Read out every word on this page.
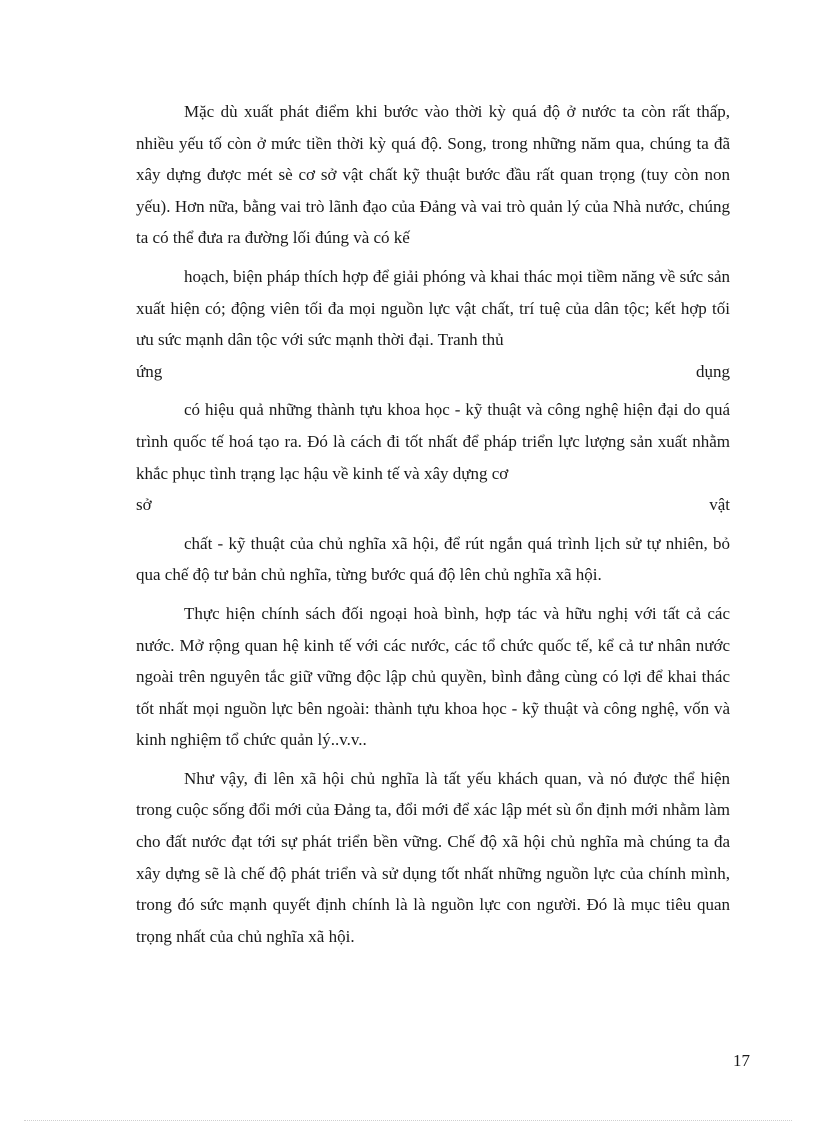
Mặc dù xuất phát điểm khi bước vào thời kỳ quá độ ở nước ta còn rất thấp, nhiều yếu tố còn ở mức tiền thời kỳ quá độ. Song, trong những năm qua, chúng ta đã xây dựng được mét sè cơ sở vật chất kỹ thuật bước đầu rất quan trọng (tuy còn non yếu). Hơn nữa, bằng vai trò lãnh đạo của Đảng và vai trò quản lý của Nhà nước, chúng ta có thể đưa ra đường lối đúng và có kế

hoạch, biện pháp thích hợp để giải phóng và khai thác mọi tiềm năng về sức sản xuất hiện có; động viên tối đa mọi nguồn lực vật chất, trí tuệ của dân tộc; kết hợp tối ưu sức mạnh dân tộc với sức mạnh thời đại. Tranh thủ

ứng	dụng

có hiệu quả những thành tựu khoa học - kỹ thuật và công nghệ hiện đại do quá trình quốc tế hoá tạo ra. Đó là cách đi tốt nhất để pháp triển lực lượng sản xuất nhằm khắc phục tình trạng lạc hậu về kinh tế và xây dựng cơ

sở	vật

chất - kỹ thuật của chủ nghĩa xã hội, để rút ngắn quá trình lịch sử tự nhiên, bỏ qua chế độ tư bản chủ nghĩa, từng bước quá độ lên chủ nghĩa xã hội.

Thực hiện chính sách đối ngoại hoà bình, hợp tác và hữu nghị với tất cả các nước. Mở rộng quan hệ kinh tế với các nước, các tổ chức quốc tế, kể cả tư nhân nước ngoài trên nguyên tắc giữ vững độc lập chủ quyền, bình đẳng cùng có lợi để khai thác tốt nhất mọi nguồn lực bên ngoài: thành tựu khoa học - kỹ thuật và công nghệ, vốn và kinh nghiệm tổ chức quản lý..v.v..

Như vậy, đi lên xã hội chủ nghĩa là tất yếu khách quan, và nó được thể hiện trong cuộc sống đổi mới của Đảng ta, đổi mới để xác lập mét sù ổn định mới nhằm làm cho đất nước đạt tới sự phát triển bền vững. Chế độ xã hội chủ nghĩa mà chúng ta đa xây dựng sẽ là chế độ phát triển và sử dụng tốt nhất những nguồn lực của chính mình, trong đó sức mạnh quyết định chính là là nguồn lực con người. Đó là mục tiêu quan trọng nhất của chủ nghĩa xã hội.

17
